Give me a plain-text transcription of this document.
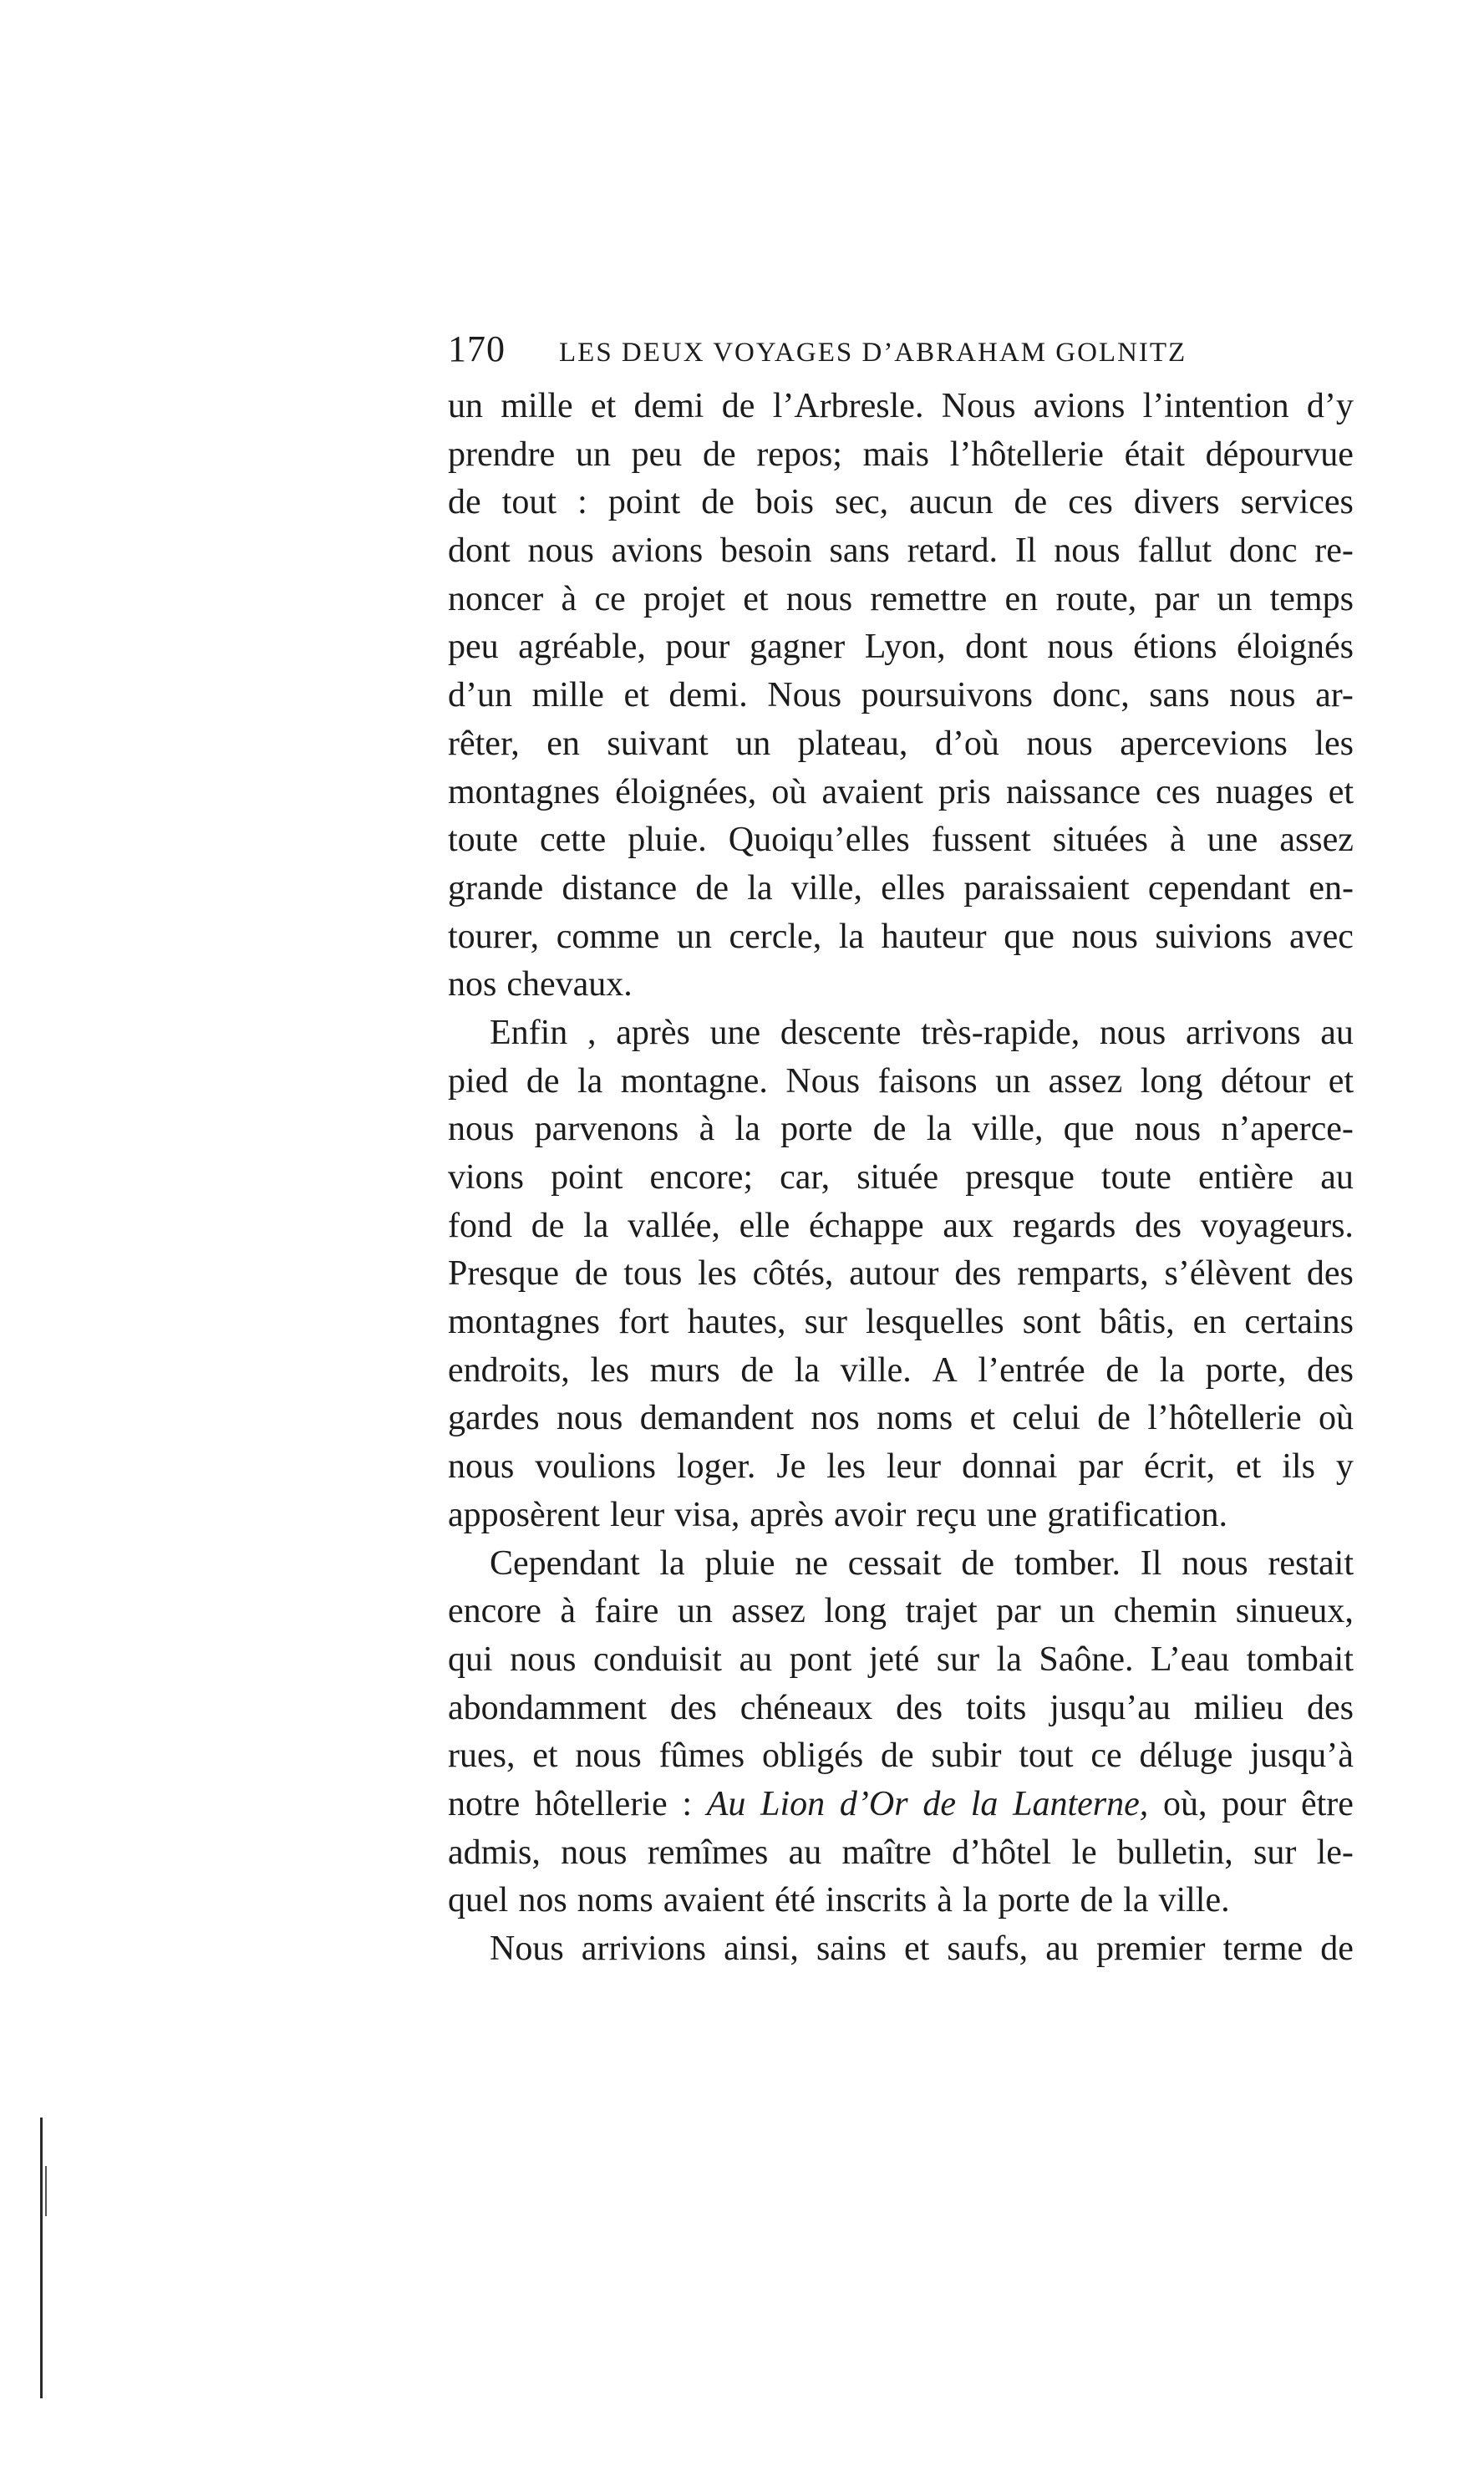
170 LES DEUX VOYAGES D’ABRAHAM GOLNITZ
un mille et demi de l’Arbresle. Nous avions l’intention d’y
prendre un peu de repos; mais l’hôtellerie était dépourvue
de tout : point de bois sec, aucun de ces divers services
dont nous avions besoin sans retard. Il nous fallut donc re-
noncer à ce projet et nous remettre en route, par un temps
peu agréable, pour gagner Lyon, dont nous étions éloignés
d’un mille et demi. Nous poursuivons donc, sans nous ar-
rêter, en suivant un plateau, d’où nous apercevions les
montagnes éloignées, où avaient pris naissance ces nuages et
toute cette pluie. Quoiqu’elles fussent situées à une assez
grande distance de la ville, elles paraissaient cependant en-
tourer, comme un cercle, la hauteur que nous suivions avec
nos chevaux.
Enfin , après une descente très-rapide, nous arrivons au
pied de la montagne. Nous faisons un assez long détour et
nous parvenons à la porte de la ville, que nous n’aperce-
vions point encore; car, située presque toute entière au
fond de la vallée, elle échappe aux regards des voyageurs.
Presque de tous les côtés, autour des remparts, s’élèvent des
montagnes fort hautes, sur lesquelles sont bâtis, en certains
endroits, les murs de la ville. A l’entrée de la porte, des
gardes nous demandent nos noms et celui de l’hôtellerie où
nous voulions loger. Je les leur donnai par écrit, et ils y
apposèrent leur visa, après avoir reçu une gratification.
Cependant la pluie ne cessait de tomber. Il nous restait
encore à faire un assez long trajet par un chemin sinueux,
qui nous conduisit au pont jeté sur la Saône. L’eau tombait
abondamment des chéneaux des toits jusqu’au milieu des
rues, et nous fûmes obligés de subir tout ce déluge jusqu’à
notre hôtellerie : Au Lion d’Or de la Lanterne, où, pour être
admis, nous remîmes au maître d’hôtel le bulletin, sur le-
quel nos noms avaient été inscrits à la porte de la ville.
Nous arrivions ainsi, sains et saufs, au premier terme de
